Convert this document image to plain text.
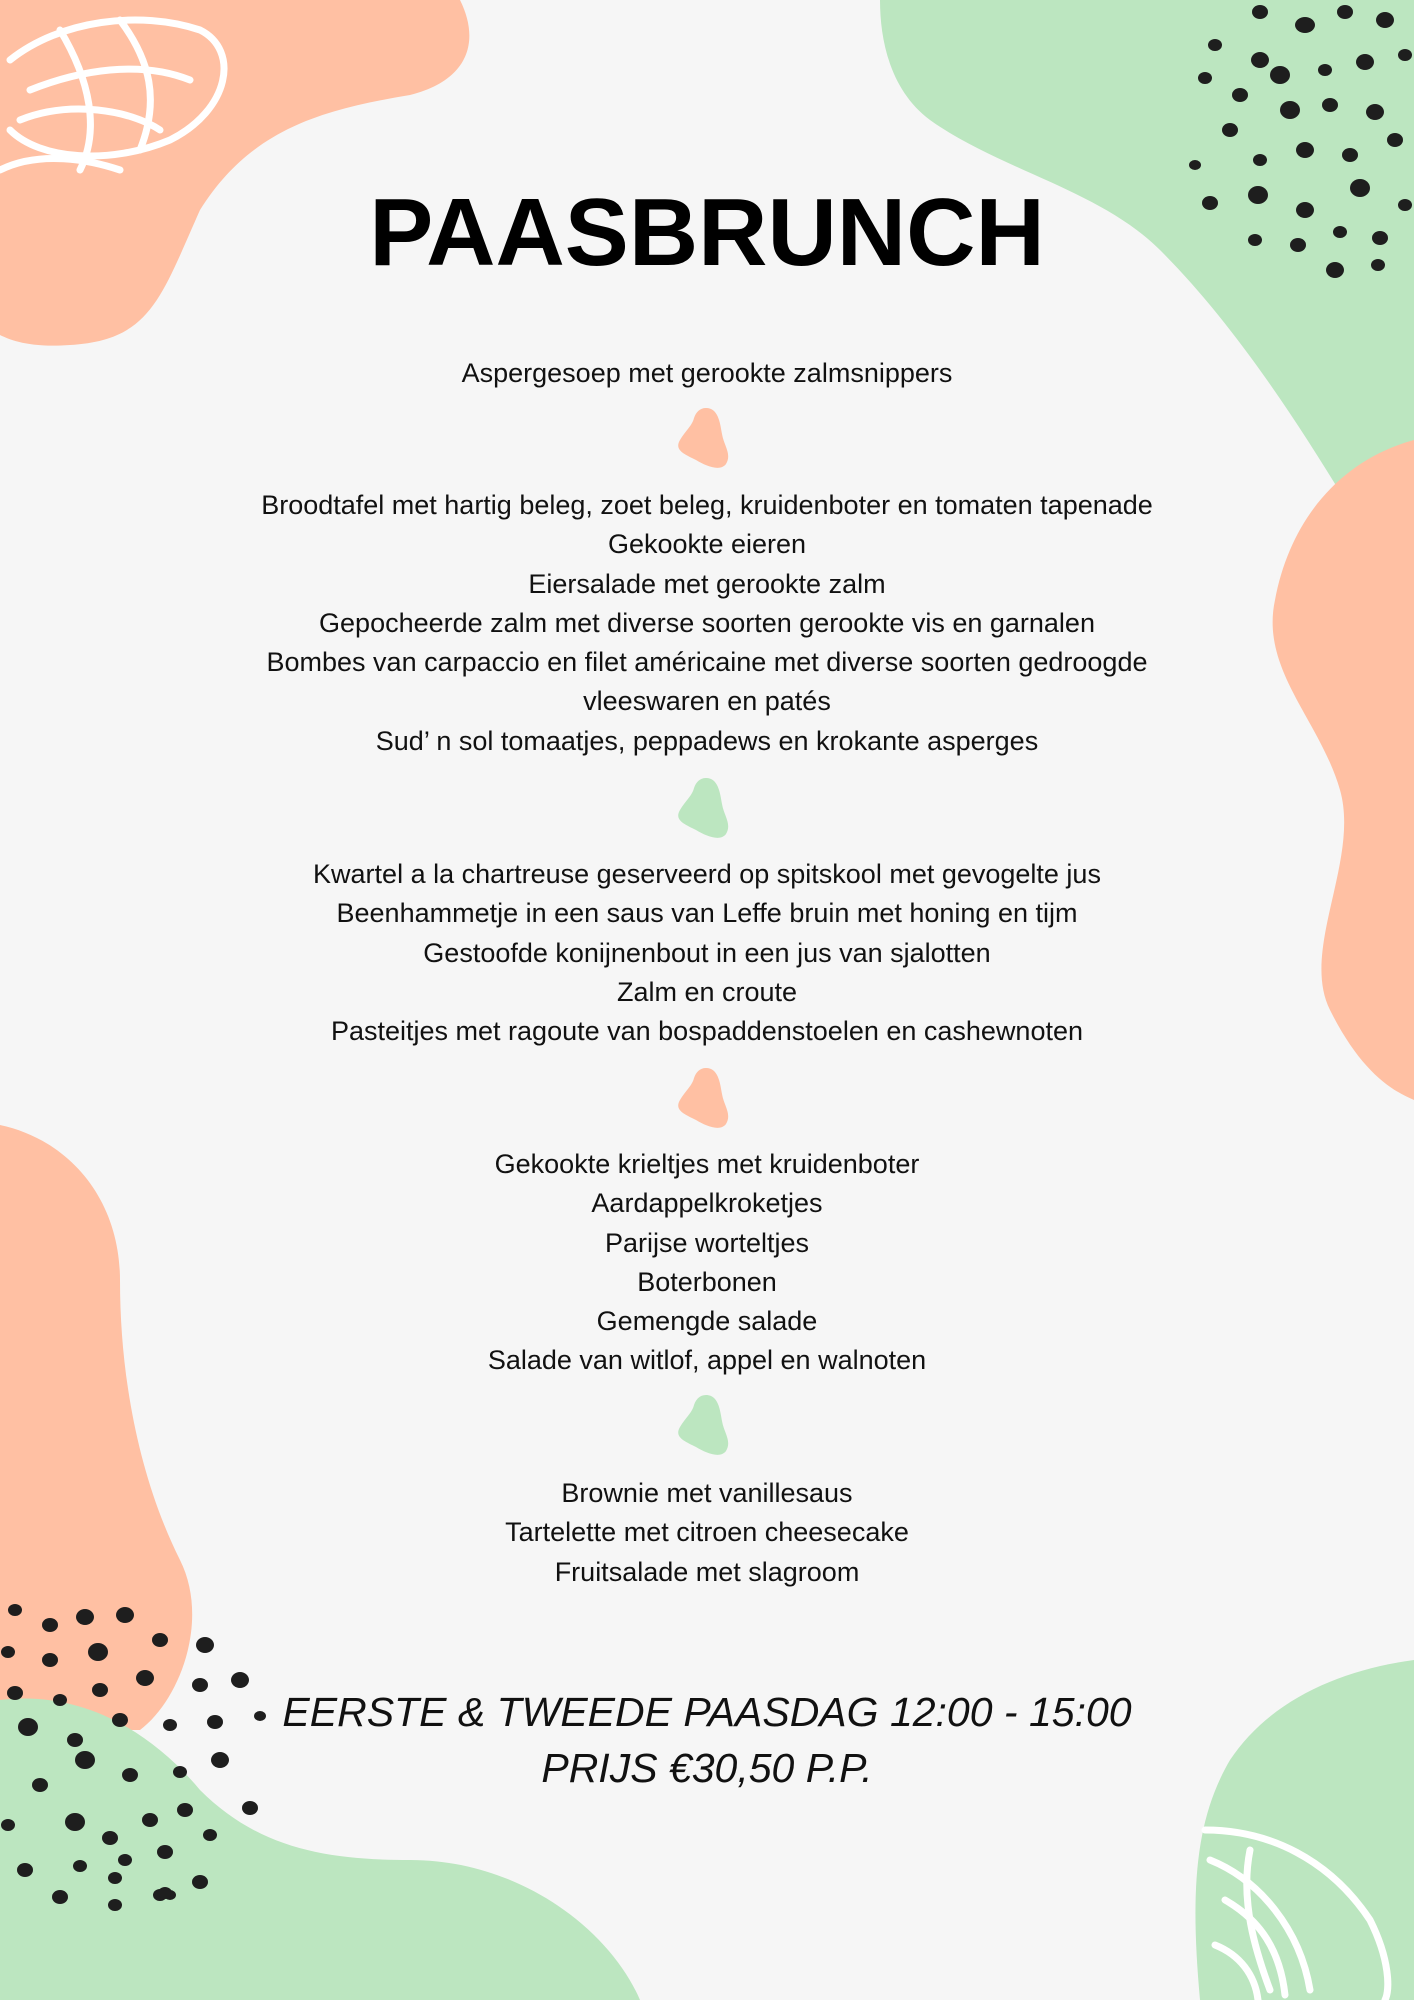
PAASBRUNCH
Aspergesoep met gerookte zalmsnippers
Broodtafel met hartig beleg, zoet beleg, kruidenboter en tomaten tapenade
Gekookte eieren
Eiersalade met gerookte zalm
Gepocheerde zalm met diverse soorten gerookte vis en garnalen
Bombes van carpaccio en filet américaine met diverse soorten gedroogde vleeswaren en patés
Sud’ n sol tomaatjes, peppadews en krokante asperges
Kwartel a la chartreuse geserveerd op spitskool met gevogelte jus
Beenhammetje in een saus van Leffe bruin met honing en tijm
Gestoofde konijnenbout in een jus van sjalotten
Zalm en croute
Pasteitjes met ragoute van bospaddenstoelen en cashewnoten
Gekookte krieltjes met kruidenboter
Aardappelkroketjes
Parijse worteltjes
Boterbonen
Gemengde salade
Salade van witlof, appel en walnoten
Brownie met vanillesaus
Tartelette met citroen cheesecake
Fruitsalade met slagroom
EERSTE & TWEEDE PAASDAG 12:00 - 15:00
PRIJS €30,50 P.P.
